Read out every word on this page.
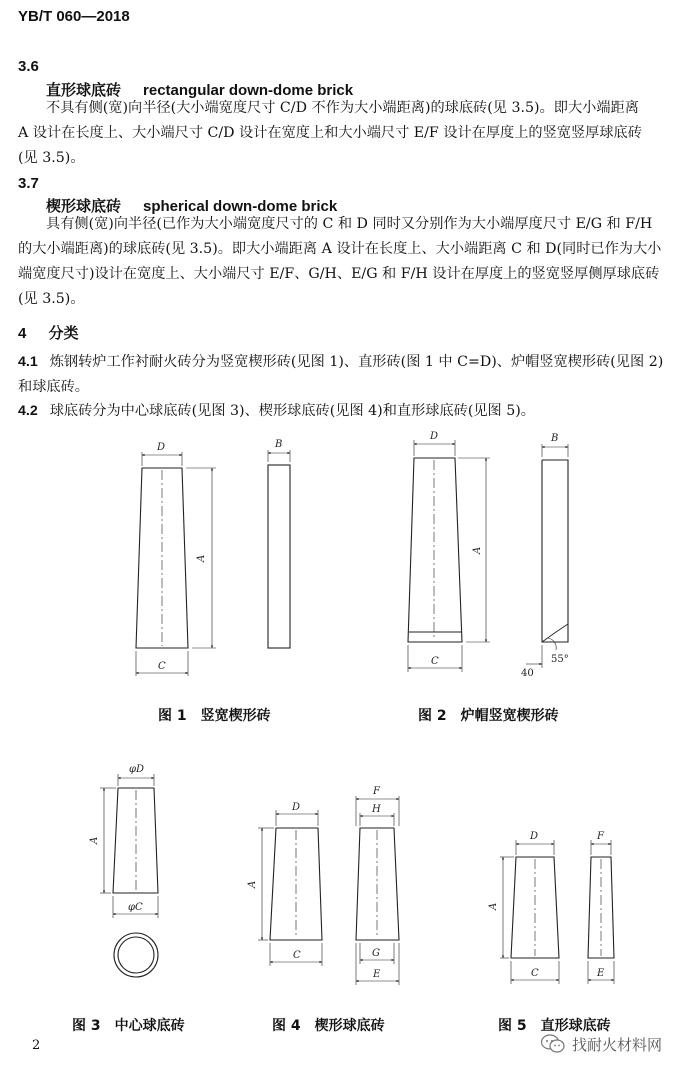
YB/T 060—2018
3.6
直形球底砖 rectangular down-dome brick

不具有侧(宽)向半径(大小端宽度尺寸 C/D 不作为大小端距离)的球底砖(见 3.5)。即大小端距离

A 设计在长度上、大小端尺寸 C/D 设计在宽度上和大小端尺寸 E/F 设计在厚度上的竖宽竖厚球底砖

(见 3.5)。

3.7
楔形球底砖 spherical down-dome brick

具有侧(宽)向半径(已作为大小端宽度尺寸的 C 和 D 同时又分别作为大小端厚度尺寸 E/G 和 F/H

的大小端距离)的球底砖(见 3.5)。即大小端距离 A 设计在长度上、大小端距离 C 和 D(同时已作为大小

端宽度尺寸)设计在宽度上、大小端尺寸 E/F、G/H、E/G 和 F/H 设计在厚度上的竖宽竖厚侧厚球底砖

(见 3.5)。

4 分类
4.1 炼钢转炉工作衬耐火砖分为竖宽楔形砖(见图 1)、直形砖(图 1 中 C=D)、炉帽竖宽楔形砖(见图 2)
和球底砖。
4.2 球底砖分为中心球底砖(见图 3)、楔形球底砖(见图 4)和直形球底砖(见图 5)。
D	B
A
C
D	B
A
C
40
55°
φD
A
φC
D
A
C
F
H
G
E
D
A
C
F
E
图 1　竖宽楔形砖	图 2　炉帽竖宽楔形砖
图 3　中心球底砖	图 4　楔形球底砖	图 5　直形球底砖
2	找耐火材料网
